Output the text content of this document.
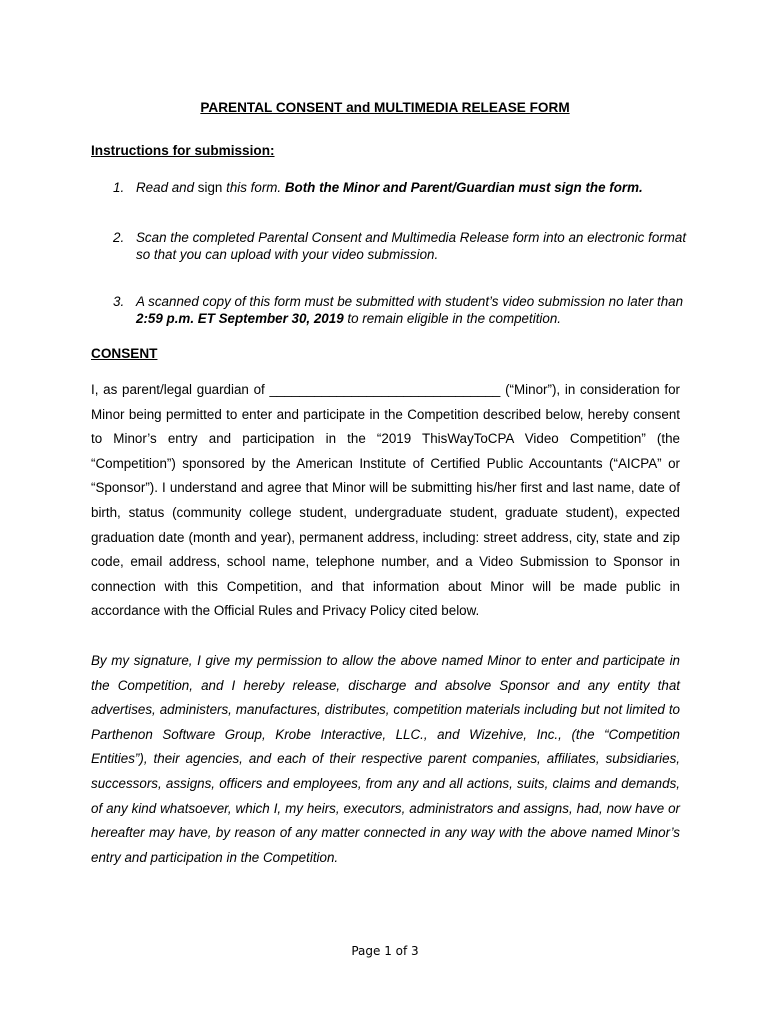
PARENTAL CONSENT and MULTIMEDIA RELEASE FORM
Instructions for submission:
1. Read and sign this form. Both the Minor and Parent/Guardian must sign the form.
2. Scan the completed Parental Consent and Multimedia Release form into an electronic format so that you can upload with your video submission.
3. A scanned copy of this form must be submitted with student’s video submission no later than 2:59 p.m. ET September 30, 2019 to remain eligible in the competition.
CONSENT
I, as parent/legal guardian of _______________________________ (“Minor”), in consideration for Minor being permitted to enter and participate in the Competition described below, hereby consent to Minor’s entry and participation in the “2019 ThisWayToCPA Video Competition” (the “Competition”) sponsored by the American Institute of Certified Public Accountants (“AICPA” or “Sponsor”). I understand and agree that Minor will be submitting his/her first and last name, date of birth, status (community college student, undergraduate student, graduate student), expected graduation date (month and year), permanent address, including: street address, city, state and zip code, email address, school name, telephone number, and a Video Submission to Sponsor in connection with this Competition, and that information about Minor will be made public in accordance with the Official Rules and Privacy Policy cited below.
By my signature, I give my permission to allow the above named Minor to enter and participate in the Competition, and I hereby release, discharge and absolve Sponsor and any entity that advertises, administers, manufactures, distributes, competition materials including but not limited to Parthenon Software Group, Krobe Interactive, LLC., and Wizehive, Inc., (the “Competition Entities”), their agencies, and each of their respective parent companies, affiliates, subsidiaries, successors, assigns, officers and employees, from any and all actions, suits, claims and demands, of any kind whatsoever, which I, my heirs, executors, administrators and assigns, had, now have or hereafter may have, by reason of any matter connected in any way with the above named Minor’s entry and participation in the Competition.
Page 1 of 3
